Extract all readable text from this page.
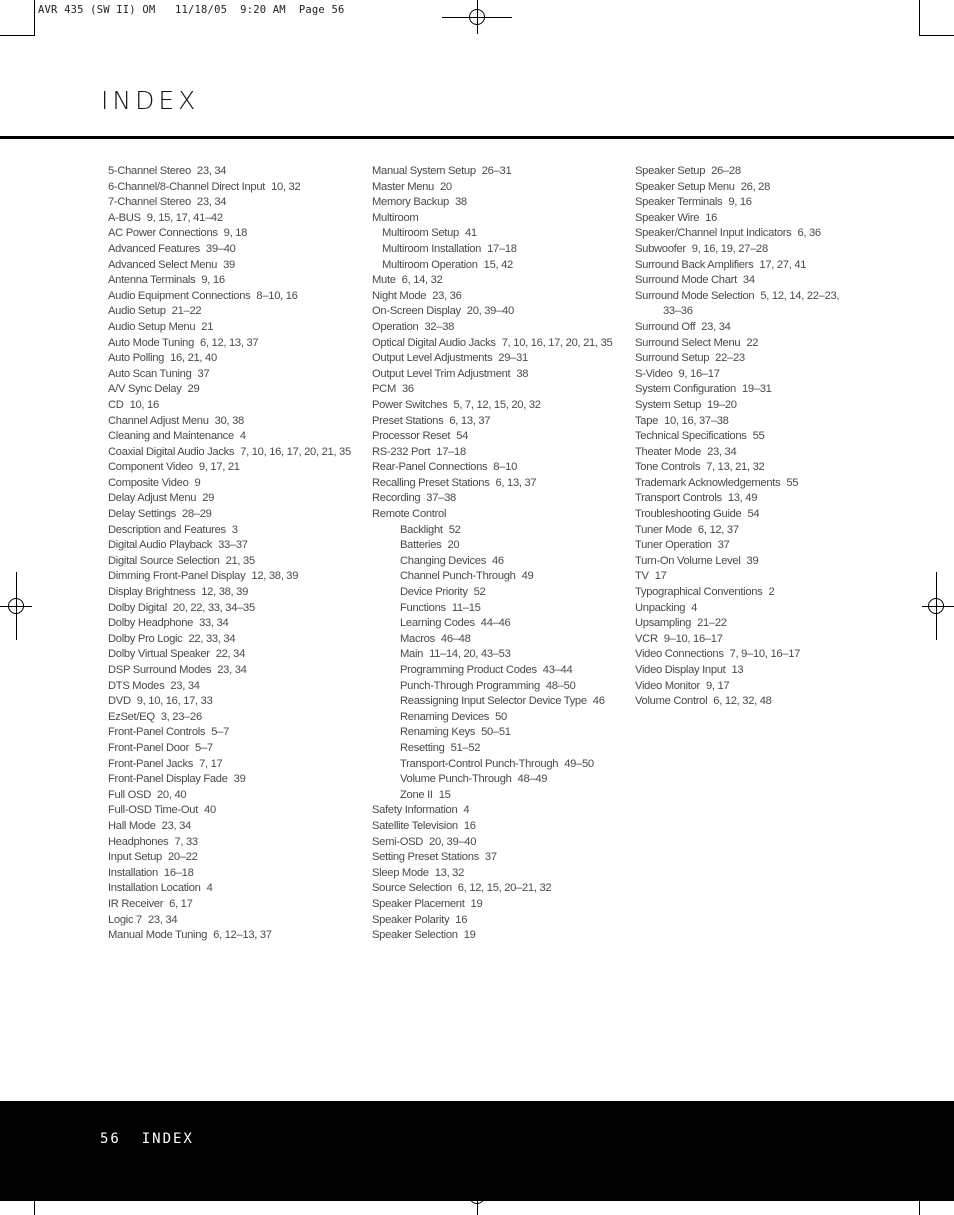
AVR 435 (SW II) OM   11/18/05  9:20 AM  Page 56
INDEX
5-Channel Stereo 23, 34
6-Channel/8-Channel Direct Input 10, 32
7-Channel Stereo 23, 34
A-BUS 9, 15, 17, 41–42
AC Power Connections 9, 18
Advanced Features 39–40
Advanced Select Menu 39
Antenna Terminals 9, 16
Audio Equipment Connections 8–10, 16
Audio Setup 21–22
Audio Setup Menu 21
Auto Mode Tuning 6, 12, 13, 37
Auto Polling 16, 21, 40
Auto Scan Tuning 37
A/V Sync Delay 29
CD 10, 16
Channel Adjust Menu 30, 38
Cleaning and Maintenance 4
Coaxial Digital Audio Jacks 7, 10, 16, 17, 20, 21, 35
Component Video 9, 17, 21
Composite Video 9
Delay Adjust Menu 29
Delay Settings 28–29
Description and Features 3
Digital Audio Playback 33–37
Digital Source Selection 21, 35
Dimming Front-Panel Display 12, 38, 39
Display Brightness 12, 38, 39
Dolby Digital 20, 22, 33, 34–35
Dolby Headphone 33, 34
Dolby Pro Logic 22, 33, 34
Dolby Virtual Speaker 22, 34
DSP Surround Modes 23, 34
DTS Modes 23, 34
DVD 9, 10, 16, 17, 33
EzSet/EQ 3, 23–26
Front-Panel Controls 5–7
Front-Panel Door 5–7
Front-Panel Jacks 7, 17
Front-Panel Display Fade 39
Full OSD 20, 40
Full-OSD Time-Out 40
Hall Mode 23, 34
Headphones 7, 33
Input Setup 20–22
Installation 16–18
Installation Location 4
IR Receiver 6, 17
Logic 7 23, 34
Manual Mode Tuning 6, 12–13, 37
Manual System Setup 26–31
Master Menu 20
Memory Backup 38
Multiroom
Multiroom Setup 41
Multiroom Installation 17–18
Multiroom Operation 15, 42
Mute 6, 14, 32
Night Mode 23, 36
On-Screen Display 20, 39–40
Operation 32–38
Optical Digital Audio Jacks 7, 10, 16, 17, 20, 21, 35
Output Level Adjustments 29–31
Output Level Trim Adjustment 38
PCM 36
Power Switches 5, 7, 12, 15, 20, 32
Preset Stations 6, 13, 37
Processor Reset 54
RS-232 Port 17–18
Rear-Panel Connections 8–10
Recalling Preset Stations 6, 13, 37
Recording 37–38
Remote Control
Backlight 52
Batteries 20
Changing Devices 46
Channel Punch-Through 49
Device Priority 52
Functions 11–15
Learning Codes 44–46
Macros 46–48
Main 11–14, 20, 43–53
Programming Product Codes 43–44
Punch-Through Programming 48–50
Reassigning Input Selector Device Type 46
Renaming Devices 50
Renaming Keys 50–51
Resetting 51–52
Transport-Control Punch-Through 49–50
Volume Punch-Through 48–49
Zone II 15
Safety Information 4
Satellite Television 16
Semi-OSD 20, 39–40
Setting Preset Stations 37
Sleep Mode 13, 32
Source Selection 6, 12, 15, 20–21, 32
Speaker Placement 19
Speaker Polarity 16
Speaker Selection 19
Speaker Setup 26–28
Speaker Setup Menu 26, 28
Speaker Terminals 9, 16
Speaker Wire 16
Speaker/Channel Input Indicators 6, 36
Subwoofer 9, 16, 19, 27–28
Surround Back Amplifiers 17, 27, 41
Surround Mode Chart 34
Surround Mode Selection 5, 12, 14, 22–23,
33–36
Surround Off 23, 34
Surround Select Menu 22
Surround Setup 22–23
S-Video 9, 16–17
System Configuration 19–31
System Setup 19–20
Tape 10, 16, 37–38
Technical Specifications 55
Theater Mode 23, 34
Tone Controls 7, 13, 21, 32
Trademark Acknowledgements 55
Transport Controls 13, 49
Troubleshooting Guide 54
Tuner Mode 6, 12, 37
Tuner Operation 37
Turn-On Volume Level 39
TV 17
Typographical Conventions 2
Unpacking 4
Upsampling 21–22
VCR 9–10, 16–17
Video Connections 7, 9–10, 16–17
Video Display Input 13
Video Monitor 9, 17
Volume Control 6, 12, 32, 48
56 INDEX
